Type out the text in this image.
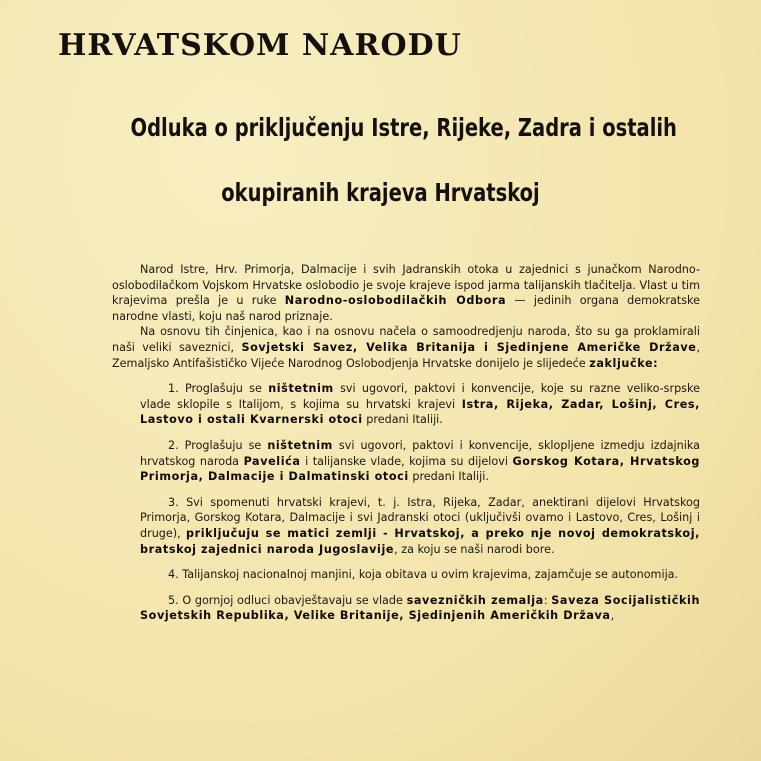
HRVATSKOM NARODU
Odluka o priključenju Istre, Rijeke, Zadra i ostalih
okupiranih krajeva Hrvatskoj

Narod Istre, Hrv. Primorja, Dalmacije i svih Jadranskih otoka u zajednici s junačkom Narodno-oslobodilačkom Vojskom Hrvatske oslobodio je svoje krajeve ispod jarma talijanskih tlačitelja. Vlast u tim krajevima prešla je u ruke Narodno-oslobodilačkih Odbora — jedinih organa demokratske narodne vlasti, koju naš narod priznaje.

Na osnovu tih činjenica, kao i na osnovu načela o samoodredjenju naroda, što su ga proklamirali naši veliki saveznici, Sovjetski Savez, Velika Britanija i Sjedinjene Američke Države, Zemaljsko Antifašističko Vijeće Narodnog Oslobodjenja Hrvatske donijelo je slijedeće zaključke:

1. Proglašuju se ništetnim svi ugovori, paktovi i konvencije, koje su razne veliko-srpske vlade sklopile s Italijom, s kojima su hrvatski krajevi Istra, Rijeka, Zadar, Lošinj, Cres, Lastovo i ostali Kvarnerski otoci predani Italiji.

2. Proglašuju se ništetnim svi ugovori, paktovi i konvencije, sklopljene izmedju izdajnika hrvatskog naroda Pavelića i talijanske vlade, kojima su dijelovi Gorskog Kotara, Hrvatskog Primorja, Dalmacije i Dalmatinski otoci predani Italiji.

3. Svi spomenuti hrvatski krajevi, t. j. Istra, Rijeka, Zadar, anektirani dijelovi Hrvatskog Primorja, Gorskog Kotara, Dalmacije i svi Jadranski otoci (uključivši ovamo i Lastovo, Cres, Lošinj i druge), priključuju se matici zemlji - Hrvatskoj, a preko nje novoj demokratskoj, bratskoj zajednici naroda Jugoslavije, za koju se naši narodi bore.

4. Talijanskoj nacionalnoj manjini, koja obitava u ovim krajevima, zajamčuje se autonomija.

5. O gornjoj odluci obavještavaju se vlade savezničkih zemalja: Saveza Socijalističkih Sovjetskih Republika, Velike Britanije, Sjedinjenih Američkih Država,
